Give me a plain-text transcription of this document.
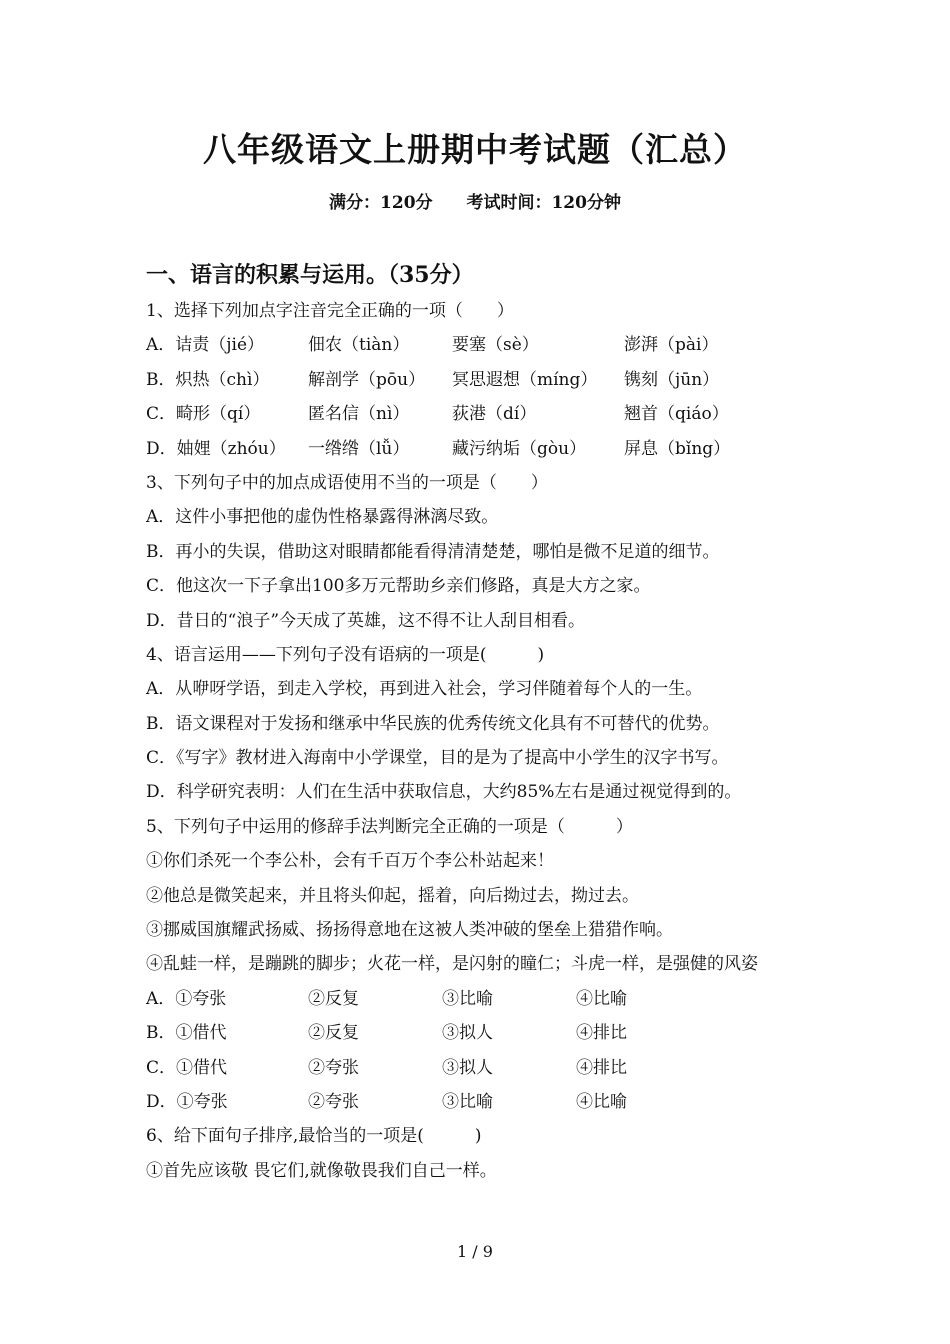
八年级语文上册期中考试题（汇总）
满分：120分 考试时间：120分钟
一、语言的积累与运用。（35分）
1、选择下列加点字注音完全正确的一项（　　）
A．诘责（jié）	佃农（tiàn）	要塞（sè）	澎湃（pài）
B．炽热（chì）	解剖学（pōu）	冥思遐想（míng）	镌刻（jūn）
C．畸形（qí）	匿名信（nì）	荻港（dí）	翘首（qiáo）
D．妯娌（zhóu）	一绺绺（lǚ）	藏污纳垢（gòu）	屏息（bǐng）
3、下列句子中的加点成语使用不当的一项是（　　）
A．这件小事把他的虚伪性格暴露得淋漓尽致。
B．再小的失误，借助这对眼睛都能看得清清楚楚，哪怕是微不足道的细节。
C．他这次一下子拿出100多万元帮助乡亲们修路，真是大方之家。
D．昔日的“浪子”今天成了英雄，这不得不让人刮目相看。
4、语言运用——下列句子没有语病的一项是(　　　)
A．从咿呀学语，到走入学校，再到进入社会，学习伴随着每个人的一生。
B．语文课程对于发扬和继承中华民族的优秀传统文化具有不可替代的优势。
C．《写字》教材进入海南中小学课堂，目的是为了提高中小学生的汉字书写。
D．科学研究表明：人们在生活中获取信息，大约85%左右是通过视觉得到的。
5、下列句子中运用的修辞手法判断完全正确的一项是（　　　）
①你们杀死一个李公朴，会有千百万个李公朴站起来！
②他总是微笑起来，并且将头仰起，摇着，向后拗过去，拗过去。
③挪威国旗耀武扬威、扬扬得意地在这被人类冲破的堡垒上猎猎作响。
④乱蛙一样，是蹦跳的脚步；火花一样，是闪射的瞳仁；斗虎一样，是强健的风姿
A．①夸张	②反复	③比喻	④比喻
B．①借代	②反复	③拟人	④排比
C．①借代	②夸张	③拟人	④排比
D．①夸张	②夸张	③比喻	④比喻
6、给下面句子排序,最恰当的一项是(　　　)
①首先应该敬 畏它们,就像敬畏我们自己一样。
1 / 9
